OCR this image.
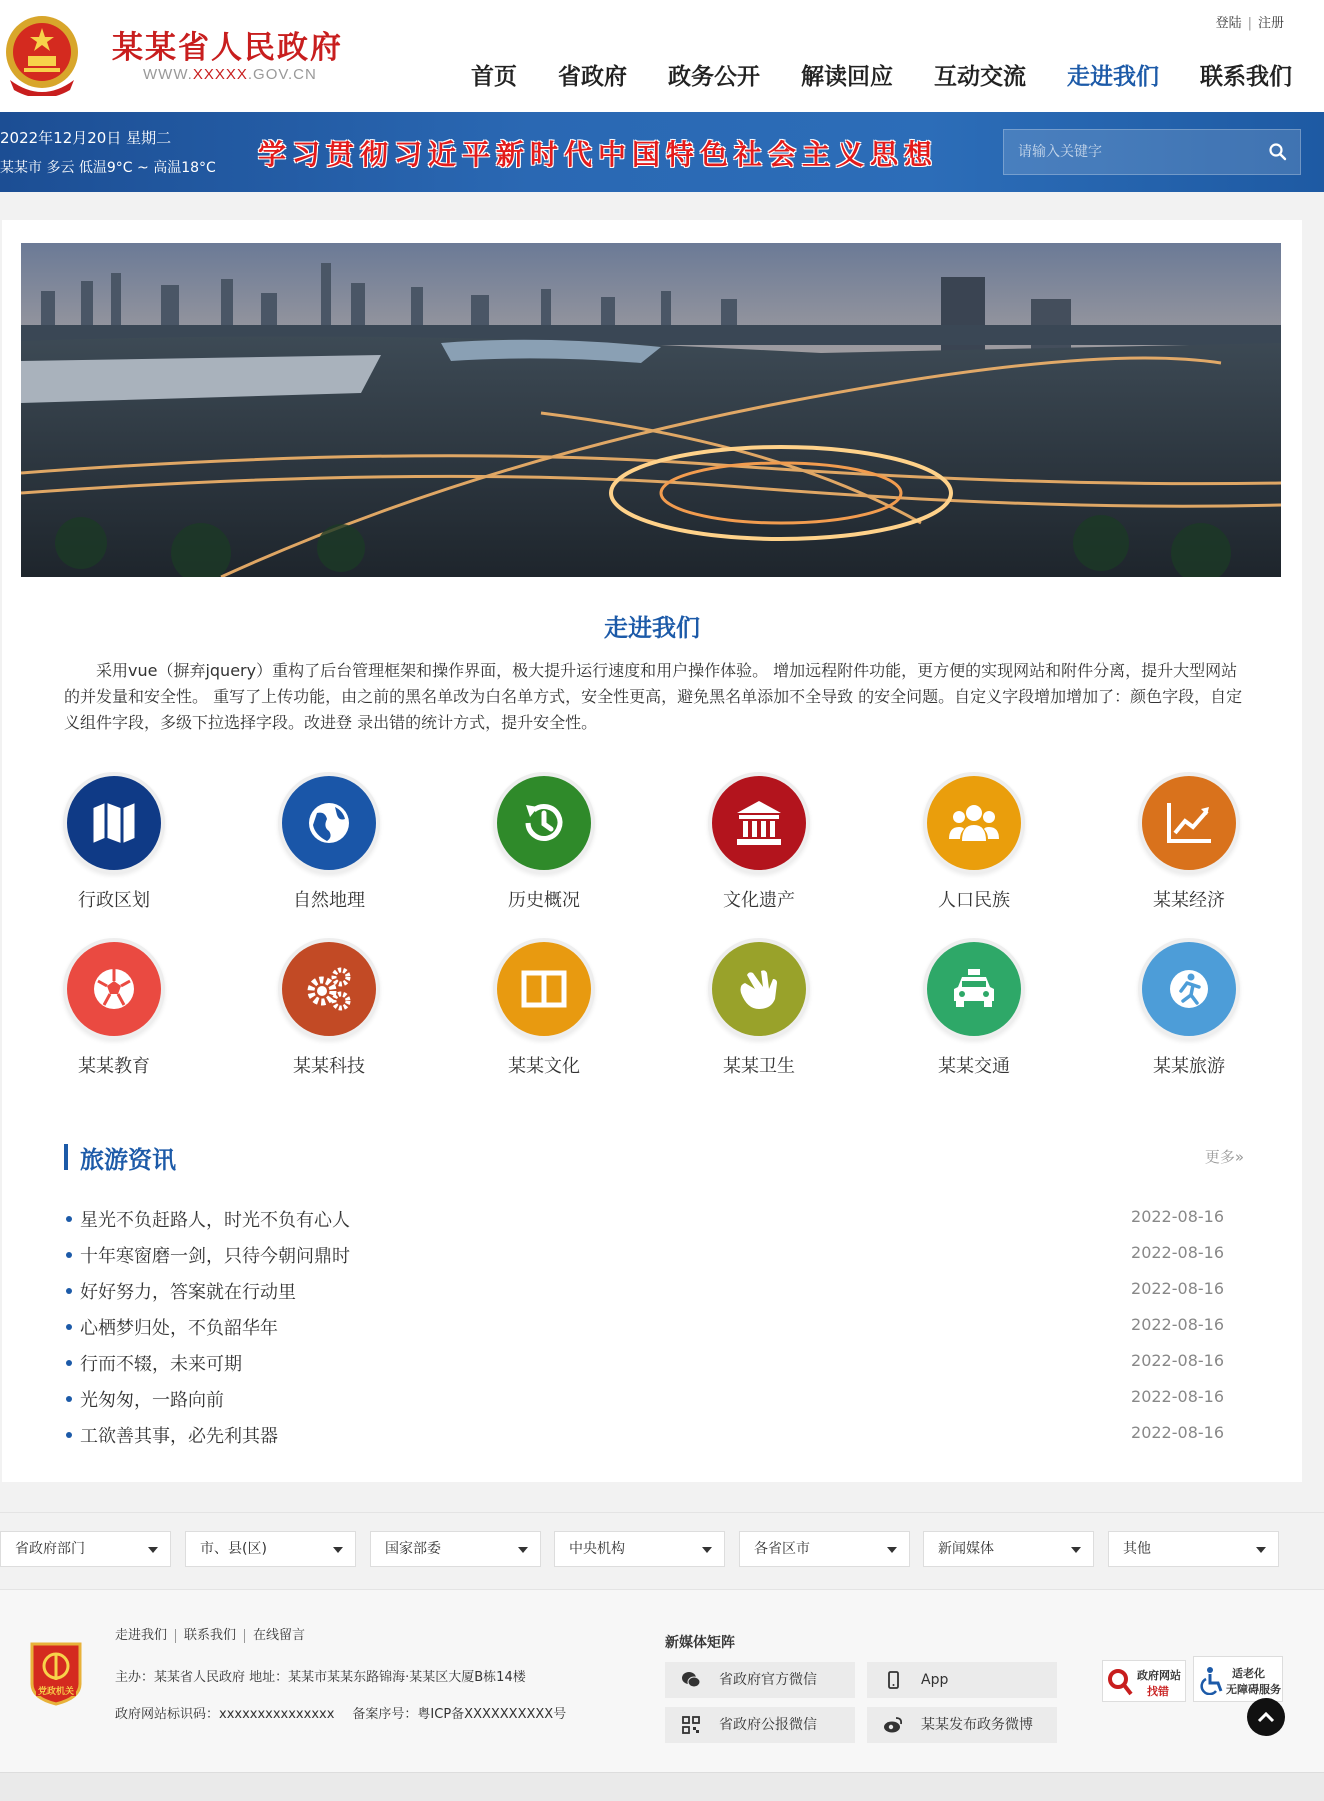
某某省人民政府
WWW.XXXXX.GOV.CN
登陆 | 注册
首页 省政府 政务公开 解读回应 互动交流 走进我们 联系我们
2022年12月20日 星期二
某某市 多云 低温9°C ~ 高温18°C 学习贯彻习近平新时代中国特色社会主义思想
请输入关键字
走进我们

采用vue（摒弃jquery）重构了后台管理框架和操作界面，极大提升运行速度和用户操作体验。 增加远程附件功能，更方便的实现网站和附件分离，提升大型网站的并发量和安全性。 重写了上传功能，由之前的黑名单改为白名单方式，安全性更高，避免黑名单添加不全导致 的安全问题。自定义字段增加增加了：颜色字段，自定义组件字段，多级下拉选择字段。改进登 录出错的统计方式，提升安全性。

行政区划	自然地理	历史概况	文化遗产	人口民族	某某经济
某某教育	某某科技	某某文化	某某卫生	某某交通	某某旅游
旅游资讯	更多»
星光不负赶路人，时光不负有心人	2022-08-16
十年寒窗磨一剑，只待今朝问鼎时	2022-08-16
好好努力，答案就在行动里	2022-08-16
心栖梦归处，不负韶华年	2022-08-16
行而不辍，未来可期	2022-08-16
光匆匆，一路向前	2022-08-16
工欲善其事，必先利其器	2022-08-16
省政府部门	市、县(区)	国家部委	中央机构	各省区市	新闻媒体	其他
党政机关
走进我们	联系我们	在线留言
主办：某某省人民政府 地址：某某市某某东路锦海·某某区大厦B栋14楼
政府网站标识码：xxxxxxxxxxxxxxx 备案序号：粤ICP备XXXXXXXXXX号
新媒体矩阵
省政府官方微信	App
省政府公报微信	某某发布政务微博
政府网站
找错
适老化
无障碍服务
